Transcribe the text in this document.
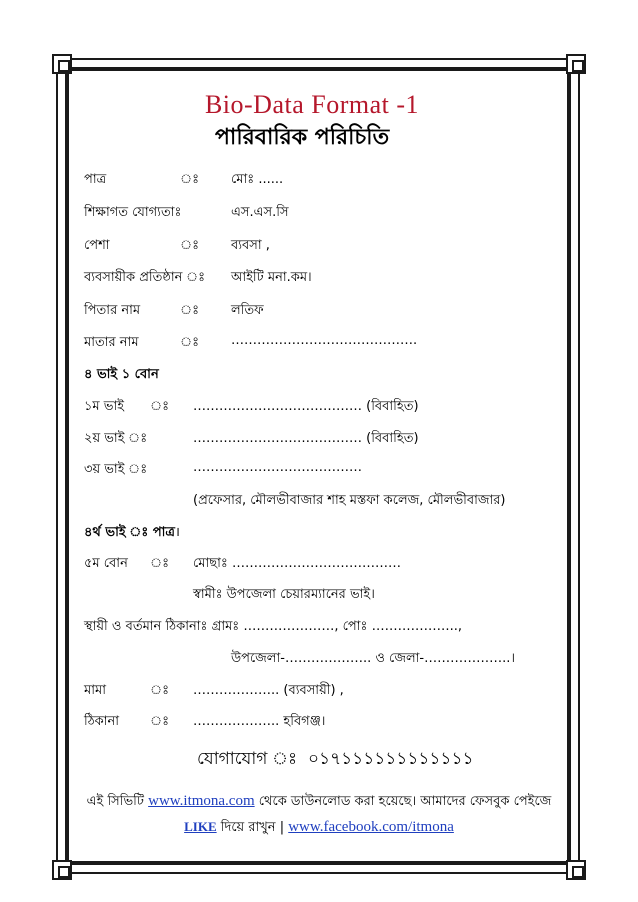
Bio-Data Format -1
পারিবারিক পরিচিতি
পাত্র	ঃ মোঃ ......
শিক্ষাগত যোগ্যতাঃ	এস.এস.সি
পেশা	ঃ ব্যবসা ,
ব্যবসায়ীক প্রতিষ্ঠান ঃ আইটি মনা.কম।
পিতার নাম	ঃ লতিফ
মাতার নাম	ঃ …………………………………….
৪ ভাই ১ বোন
১ম ভাই ঃ ………………………………… (বিবাহিত)
২য় ভাই ঃ	………………………………… (বিবাহিত)
৩য় ভাই ঃ	…………………………………
(প্রফেসার, মৌলভীবাজার শাহ মস্তফা কলেজ, মৌলভীবাজার)
৪র্থ ভাই ঃ পাত্র।
৫ম বোন ঃ মোছাঃ …………………………………
স্বামীঃ উপজেলা চেয়ারম্যানের ভাই।
স্থায়ী ও বর্তমান ঠিকানাঃ গ্রামঃ …………………, পোঃ ………………..,
উপজেলা-……………….. ও জেলা-………………..।
মামা	ঃ ……………….. (ব্যবসায়ী) ,
ঠিকানা ঃ ……………….. হবিগঞ্জ।
যোগাযোগ ঃ ০১৭১১১১১১১১১১১১
এই সিভিটি www.itmona.com থেকে ডাউনলোড করা হয়েছে। আমাদের ফেসবুক পেইজে
LIKE দিয়ে রাখুন | www.facebook.com/itmona
